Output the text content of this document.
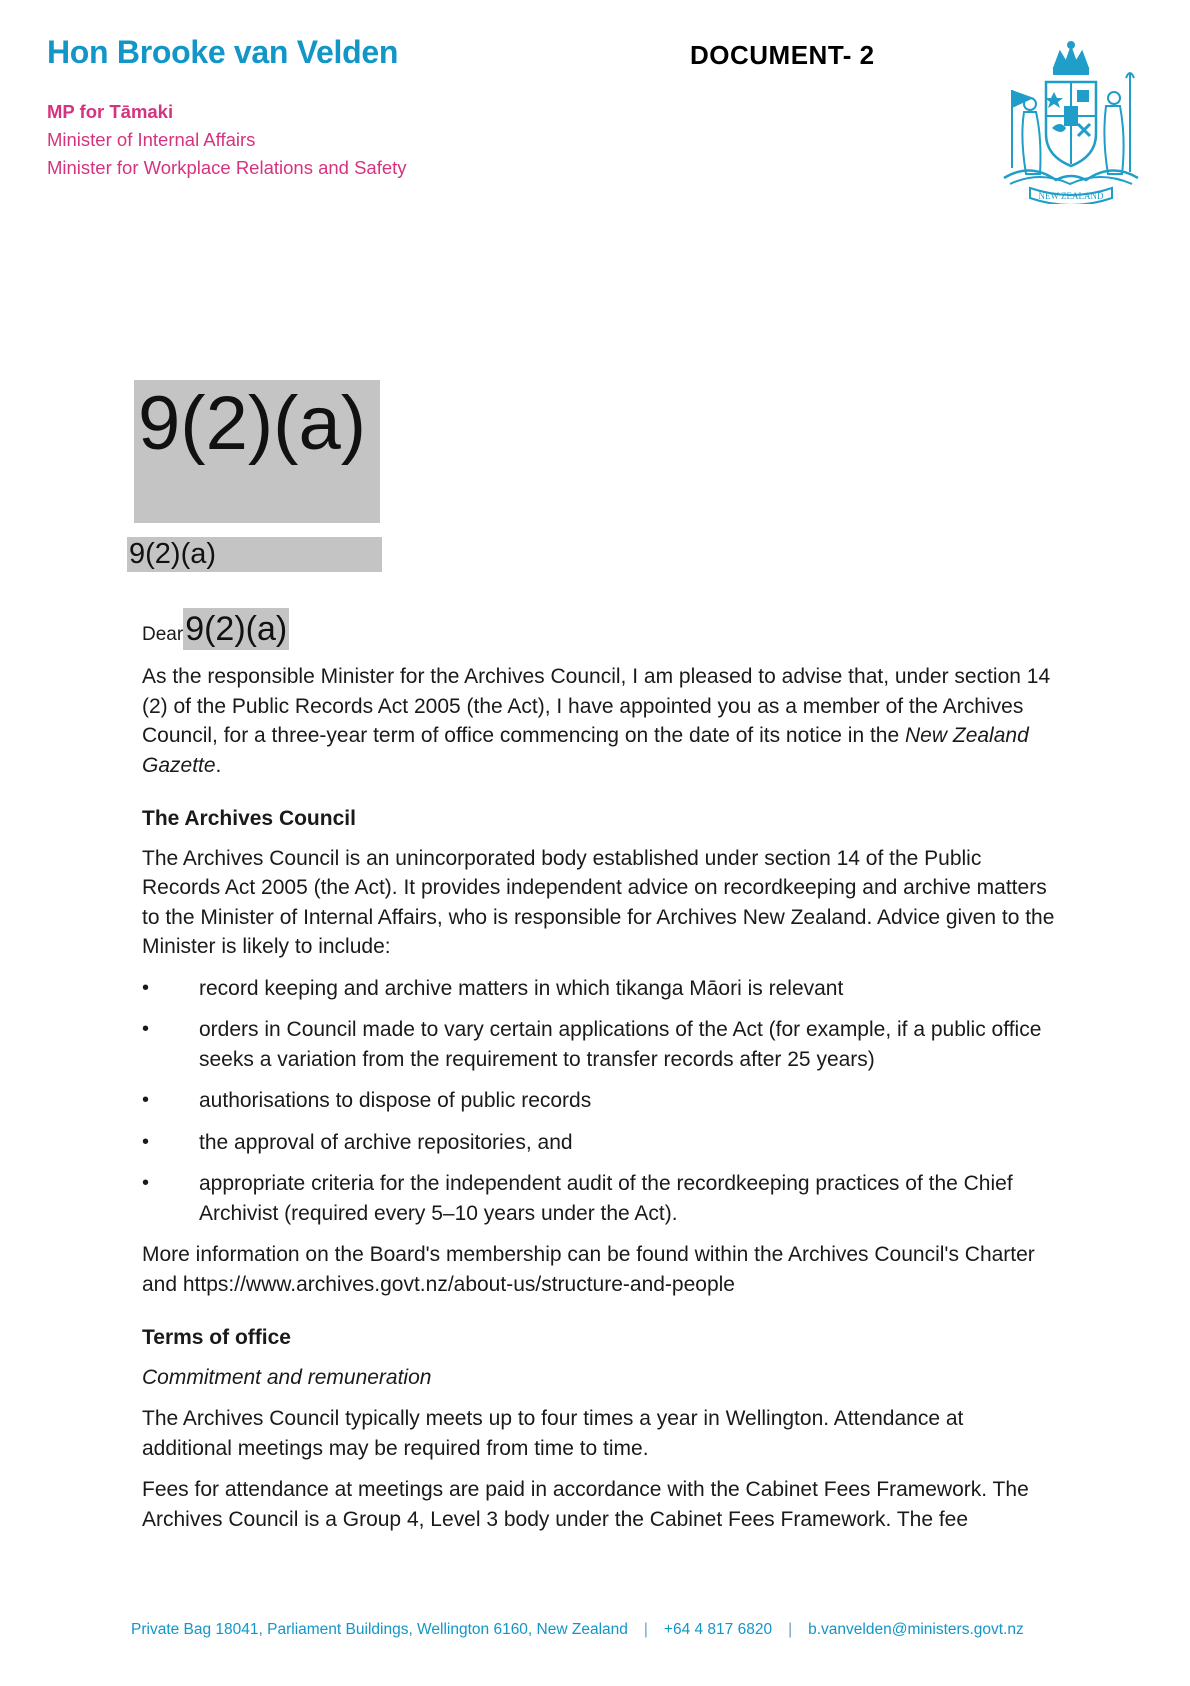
Hon Brooke van Velden	DOCUMENT- 2
MP for Tāmaki
Minister of Internal Affairs
Minister for Workplace Relations and Safety
NEW ZEALAND
9(2)(a)
9(2)(a)

Dear9(2)(a)

As the responsible Minister for the Archives Council, I am pleased to advise that, under section 14 (2) of the Public Records Act 2005 (the Act), I have appointed you as a member of the Archives Council, for a three-year term of office commencing on the date of its notice in the New Zealand Gazette.

The Archives Council

The Archives Council is an unincorporated body established under section 14 of the Public Records Act 2005 (the Act). It provides independent advice on recordkeeping and archive matters to the Minister of Internal Affairs, who is responsible for Archives New Zealand. Advice given to the Minister is likely to include:

• record keeping and archive matters in which tikanga Māori is relevant
• orders in Council made to vary certain applications of the Act (for example, if a public office seeks a variation from the requirement to transfer records after 25 years)
• authorisations to dispose of public records
• the approval of archive repositories, and
• appropriate criteria for the independent audit of the recordkeeping practices of the Chief Archivist (required every 5–10 years under the Act).

More information on the Board's membership can be found within the Archives Council's Charter and https://www.archives.govt.nz/about-us/structure-and-people

Terms of office

Commitment and remuneration

The Archives Council typically meets up to four times a year in Wellington. Attendance at additional meetings may be required from time to time.

Fees for attendance at meetings are paid in accordance with the Cabinet Fees Framework. The Archives Council is a Group 4, Level 3 body under the Cabinet Fees Framework. The fee

Private Bag 18041, Parliament Buildings, Wellington 6160, New Zealand | +64 4 817 6820 | b.vanvelden@ministers.govt.nz
